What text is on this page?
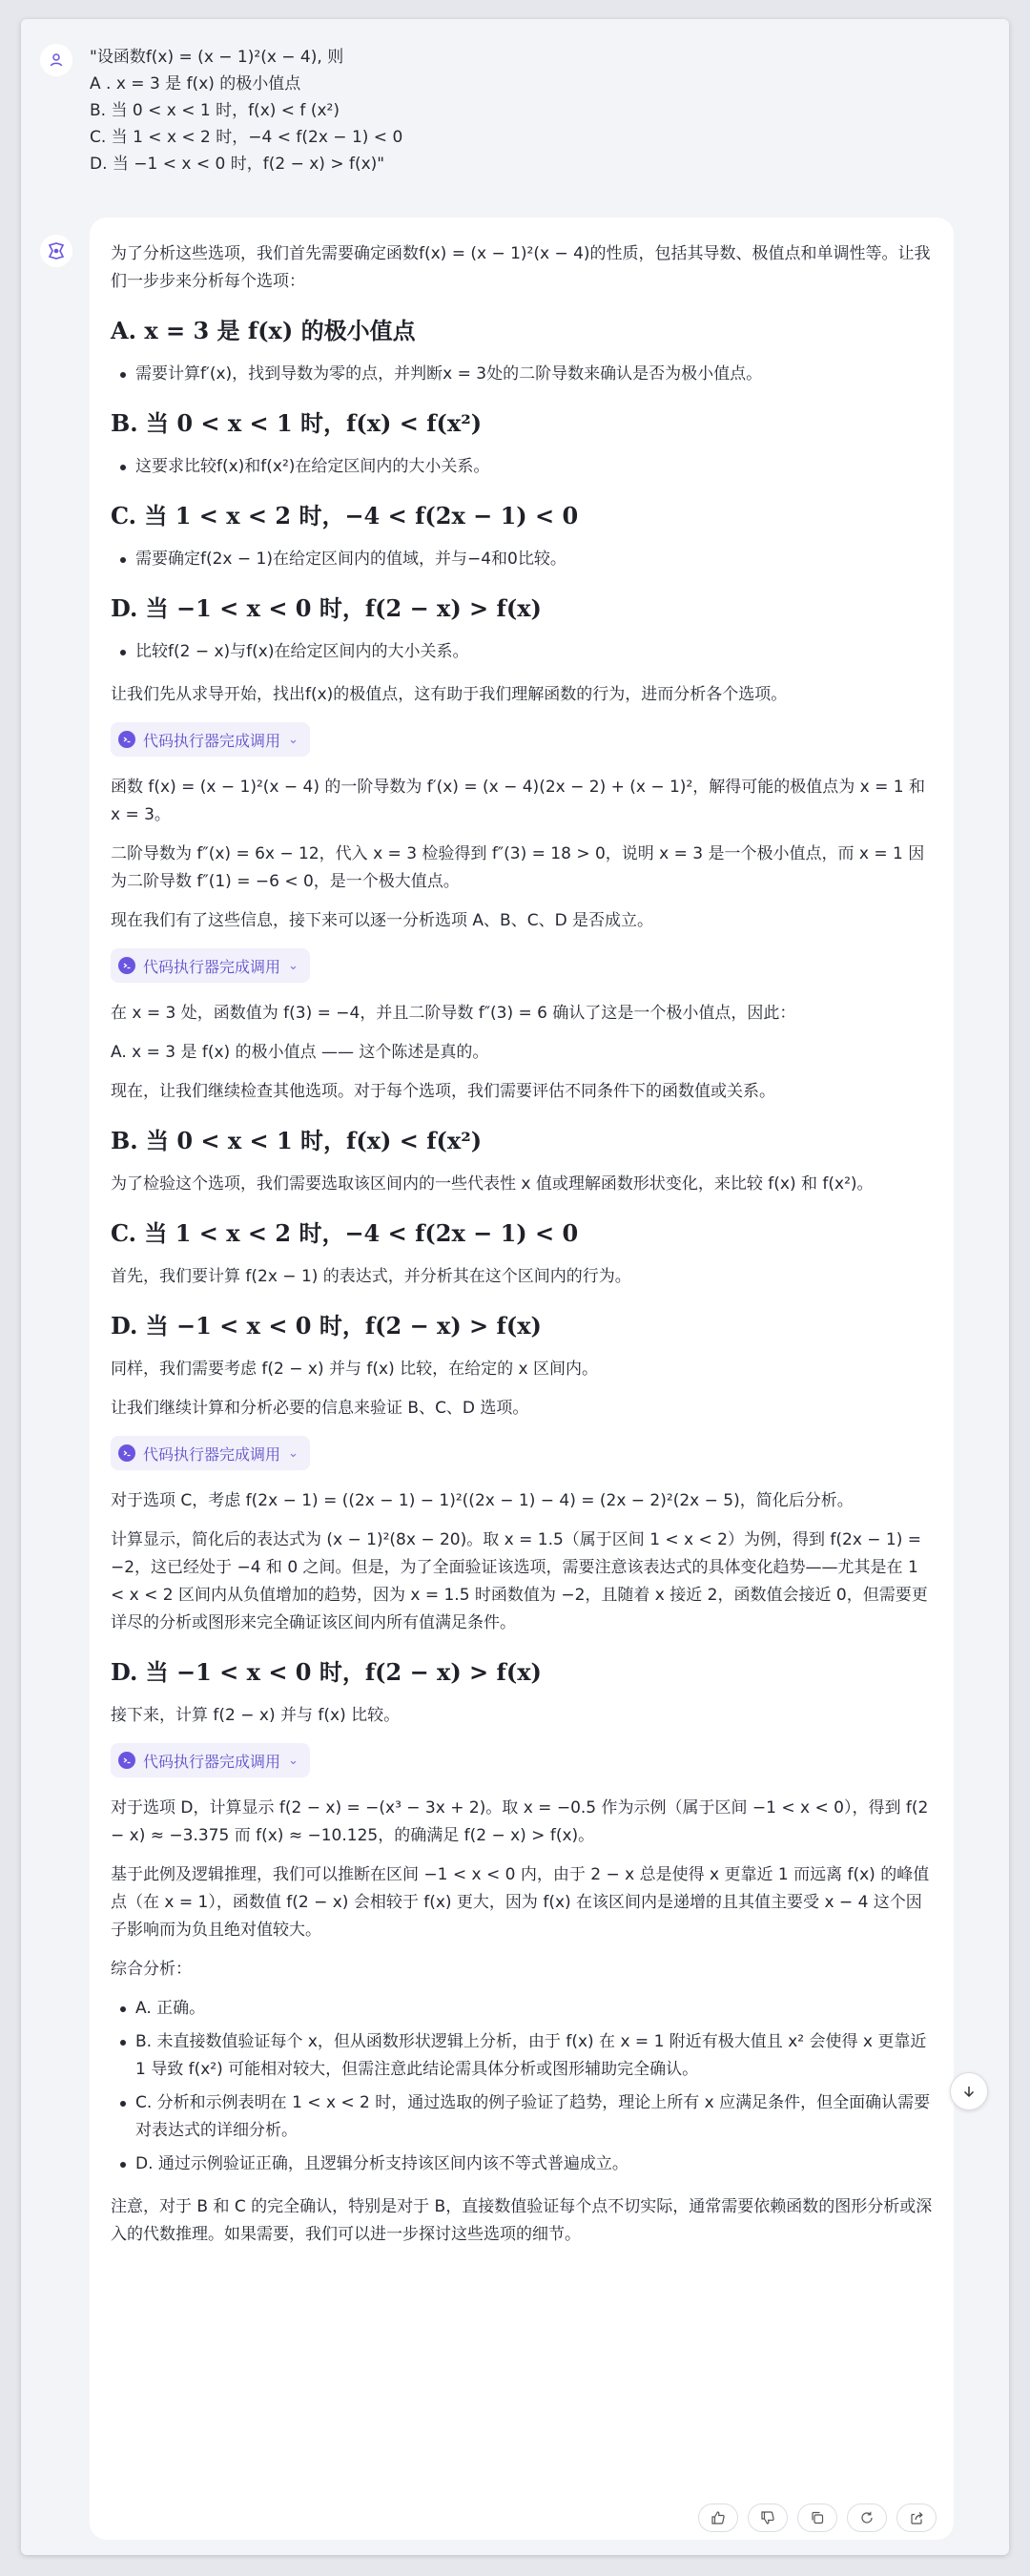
"设函数f(x) = (x − 1)²(x − 4), 则
A . x = 3 是 f(x) 的极小值点
B. 当 0 < x < 1 时，f(x) < f (x²)
C. 当 1 < x < 2 时，−4 < f(2x − 1) < 0
D. 当 −1 < x < 0 时，f(2 − x) > f(x)"
为了分析这些选项，我们首先需要确定函数f(x) = (x − 1)²(x − 4)的性质，包括其导数、极值点和单调性等。让我们一步步来分析每个选项：
A. x = 3 是 f(x) 的极小值点
需要计算f′(x)，找到导数为零的点，并判断x = 3处的二阶导数来确认是否为极小值点。
B. 当 0 < x < 1 时，f(x) < f(x²)
这要求比较f(x)和f(x²)在给定区间内的大小关系。
C. 当 1 < x < 2 时，−4 < f(2x − 1) < 0
需要确定f(2x − 1)在给定区间内的值域，并与−4和0比较。
D. 当 −1 < x < 0 时，f(2 − x) > f(x)
比较f(2 − x)与f(x)在给定区间内的大小关系。
让我们先从求导开始，找出f(x)的极值点，这有助于我们理解函数的行为，进而分析各个选项。
代码执行器完成调用 ⌄
函数 f(x) = (x − 1)²(x − 4) 的一阶导数为 f′(x) = (x − 4)(2x − 2) + (x − 1)²，解得可能的极值点为 x = 1 和 x = 3。
二阶导数为 f″(x) = 6x − 12，代入 x = 3 检验得到 f″(3) = 18 > 0，说明 x = 3 是一个极小值点，而 x = 1 因为二阶导数 f″(1) = −6 < 0，是一个极大值点。
现在我们有了这些信息，接下来可以逐一分析选项 A、B、C、D 是否成立。
代码执行器完成调用 ⌄
在 x = 3 处，函数值为 f(3) = −4，并且二阶导数 f″(3) = 6 确认了这是一个极小值点，因此：
A. x = 3 是 f(x) 的极小值点 —— 这个陈述是真的。
现在，让我们继续检查其他选项。对于每个选项，我们需要评估不同条件下的函数值或关系。
B. 当 0 < x < 1 时，f(x) < f(x²)
为了检验这个选项，我们需要选取该区间内的一些代表性 x 值或理解函数形状变化，来比较 f(x) 和 f(x²)。
C. 当 1 < x < 2 时，−4 < f(2x − 1) < 0
首先，我们要计算 f(2x − 1) 的表达式，并分析其在这个区间内的行为。
D. 当 −1 < x < 0 时，f(2 − x) > f(x)
同样，我们需要考虑 f(2 − x) 并与 f(x) 比较，在给定的 x 区间内。
让我们继续计算和分析必要的信息来验证 B、C、D 选项。
代码执行器完成调用 ⌄
对于选项 C，考虑 f(2x − 1) = ((2x − 1) − 1)²((2x − 1) − 4) = (2x − 2)²(2x − 5)，简化后分析。
计算显示，简化后的表达式为 (x − 1)²(8x − 20)。取 x = 1.5（属于区间 1 < x < 2）为例，得到 f(2x − 1) = −2，这已经处于 −4 和 0 之间。但是，为了全面验证该选项，需要注意该表达式的具体变化趋势——尤其是在 1 < x < 2 区间内从负值增加的趋势，因为 x = 1.5 时函数值为 −2，且随着 x 接近 2，函数值会接近 0，但需要更详尽的分析或图形来完全确证该区间内所有值满足条件。
D. 当 −1 < x < 0 时，f(2 − x) > f(x)
接下来，计算 f(2 − x) 并与 f(x) 比较。
代码执行器完成调用 ⌄
对于选项 D，计算显示 f(2 − x) = −(x³ − 3x + 2)。取 x = −0.5 作为示例（属于区间 −1 < x < 0），得到 f(2 − x) ≈ −3.375 而 f(x) ≈ −10.125，的确满足 f(2 − x) > f(x)。
基于此例及逻辑推理，我们可以推断在区间 −1 < x < 0 内，由于 2 − x 总是使得 x 更靠近 1 而远离 f(x) 的峰值点（在 x = 1），函数值 f(2 − x) 会相较于 f(x) 更大，因为 f(x) 在该区间内是递增的且其值主要受 x − 4 这个因子影响而为负且绝对值较大。
综合分析：
A. 正确。
B. 未直接数值验证每个 x，但从函数形状逻辑上分析，由于 f(x) 在 x = 1 附近有极大值且 x² 会使得 x 更靠近 1 导致 f(x²) 可能相对较大，但需注意此结论需具体分析或图形辅助完全确认。
C. 分析和示例表明在 1 < x < 2 时，通过选取的例子验证了趋势，理论上所有 x 应满足条件，但全面确认需要对表达式的详细分析。
D. 通过示例验证正确，且逻辑分析支持该区间内该不等式普遍成立。
注意，对于 B 和 C 的完全确认，特别是对于 B，直接数值验证每个点不切实际，通常需要依赖函数的图形分析或深入的代数推理。如果需要，我们可以进一步探讨这些选项的细节。
